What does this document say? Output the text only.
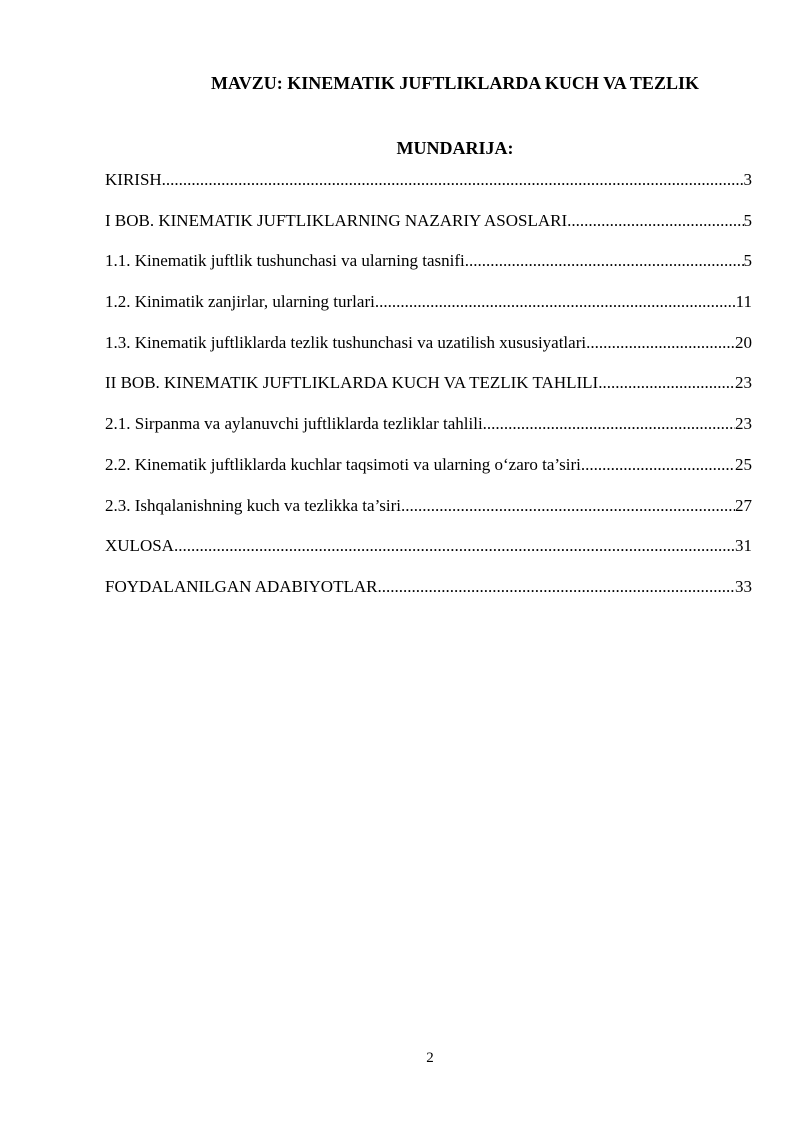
MAVZU: KINEMATIK JUFTLIKLARDA KUCH VA TEZLIK
MUNDARIJA:
KIRISH .....	3
I BOB. KINEMATIK JUFTLIKLARNING NAZARIY ASOSLARI .....	5
1.1. Kinematik juftlik tushunchasi va ularning tasnifi .....	5
1.2. Kinimatik zanjirlar, ularning turlari .....	11
1.3. Kinematik juftliklarda tezlik tushunchasi va uzatilish xususiyatlari .....	20
II BOB. KINEMATIK JUFTLIKLARDA KUCH VA TEZLIK TAHLILI .....	23
2.1. Sirpanma va aylanuvchi juftliklarda tezliklar tahlili .....	23
2.2. Kinematik juftliklarda kuchlar taqsimoti va ularning o‘zaro ta’siri .....	25
2.3. Ishqalanishning kuch va tezlikka ta’siri .....	27
XULOSA .....	31
FOYDALANILGAN ADABIYOTLAR .....	33
2
